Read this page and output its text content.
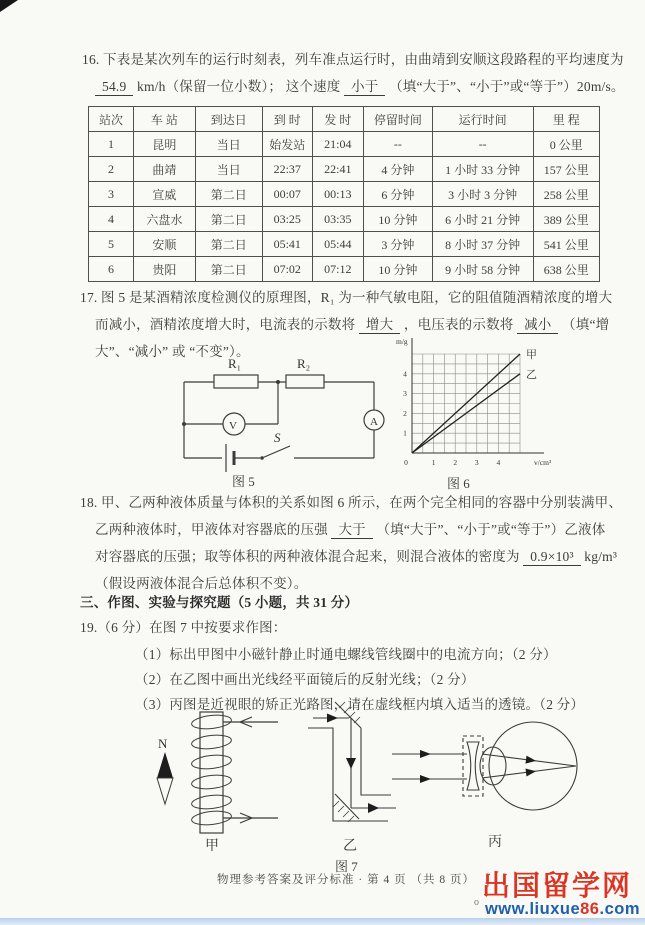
16. 下表是某次列车的运行时刻表，列车准点运行时，由曲靖到安顺这段路程的平均速度为
54.9 km/h（保留一位小数）； 这个速度 小于 （填“大于”、“小于”或“等于”）20m/s。
站次	车 站	到达日	到 时	发 时	停留时间	运行时间	里 程
1	昆明	当日	始发站	21:04	--	--	0 公里
2	曲靖	当日	22:37	22:41	4 分钟	1 小时 33 分钟	157 公里
3	宣威	第二日	00:07	00:13	6 分钟	3 小时 3 分钟	258 公里
4	六盘水	第二日	03:25	03:35	10 分钟	6 小时 21 分钟	389 公里
5	安顺	第二日	05:41	05:44	3 分钟	8 小时 37 分钟	541 公里
6	贵阳	第二日	07:02	07:12	10 分钟	9 小时 58 分钟	638 公里
17. 图 5 是某酒精浓度检测仪的原理图，R₁ 为一种气敏电阻，它的阻值随酒精浓度的增大
而减小，酒精浓度增大时，电流表的示数将 增大 ，电压表的示数将 减小 （填“增
大”、“减小” 或 “不变”）。
R₁	R₂
V	A
S
图 5
0	1 2 3 4
1
2
3
4
甲
乙
m/g
v/cm³
图 6
18. 甲、乙两种液体质量与体积的关系如图 6 所示，在两个完全相同的容器中分别装满甲、
乙两种液体时，甲液体对容器底的压强 大于 （填“大于”、“小于”或“等于”）乙液体
对容器底的压强；取等体积的两种液体混合起来，则混合液体的密度为 0.9×10³ kg/m³
（假设两液体混合后总体积不变）。
三、作图、实验与探究题（5 小题，共 31 分）
19.（6 分）在图 7 中按要求作图：
（1）标出甲图中小磁针静止时通电螺线管线圈中的电流方向；（2 分）
（2）在乙图中画出光线经平面镜后的反射光线；（2 分）
（3）丙图是近视眼的矫正光路图，请在虚线框内填入适当的透镜。（2 分）
N
甲	乙	丙
图 7
物理参考答案及评分标准 · 第 4 页 （共 8 页）
o
出国留学网
www.liuxue86.com
